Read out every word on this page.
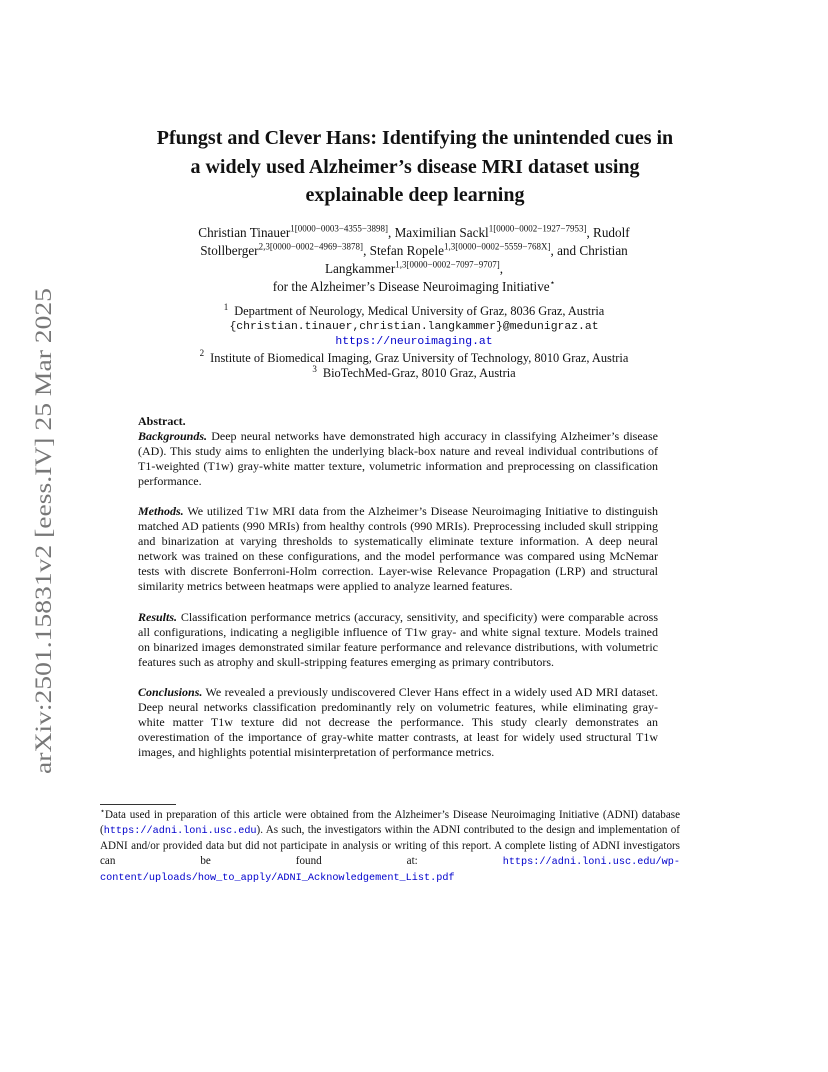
arXiv:2501.15831v2 [eess.IV] 25 Mar 2025
Pfungst and Clever Hans: Identifying the unintended cues in
a widely used Alzheimer’s disease MRI dataset using
explainable deep learning
Christian Tinauer$^{1[0000-0003-4355-3898]}$, Maximilian Sackl$^{1[0000-0002-1927-7953]}$, Rudolf
Stollberger$^{2,3[0000-0002-4969-3878]}$, Stefan Ropele$^{1,3[0000-0002-5559-768X]}$, and Christian
Langkammer$^{1,3[0000-0002-7097-9707]}$,
for the Alzheimer’s Disease Neuroimaging Initiative⋆
$^1$ Department of Neurology, Medical University of Graz, 8036 Graz, Austria
{christian.tinauer,christian.langkammer}@medunigraz.at
https://neuroimaging.at
$^2$ Institute of Biomedical Imaging, Graz University of Technology, 8010 Graz, Austria
$^3$ BioTechMed-Graz, 8010 Graz, Austria

Abstract.

Backgrounds. Deep neural networks have demonstrated high accuracy in classifying Alzheimer’s disease (AD). This study aims to enlighten the underlying black-box nature and reveal individual contributions of T1-weighted (T1w) gray-white matter texture, volumetric information and preprocessing on classification performance.

Methods. We utilized T1w MRI data from the Alzheimer’s Disease Neuroimaging Initiative to distinguish matched AD patients (990 MRIs) from healthy controls (990 MRIs). Preprocessing included skull stripping and binarization at varying thresholds to systematically eliminate texture information. A deep neural network was trained on these configurations, and the model performance was compared using McNemar tests with discrete Bonferroni-Holm correction. Layer-wise Relevance Propagation (LRP) and structural similarity metrics between heatmaps were applied to analyze learned features.

Results. Classification performance metrics (accuracy, sensitivity, and specificity) were comparable across all configurations, indicating a negligible influence of T1w gray- and white signal texture. Models trained on binarized images demonstrated similar feature performance and relevance distributions, with volumetric features such as atrophy and skull-stripping features emerging as primary contributors.

Conclusions. We revealed a previously undiscovered Clever Hans effect in a widely used AD MRI dataset. Deep neural networks classification predominantly rely on volumetric features, while eliminating gray-white matter T1w texture did not decrease the performance. This study clearly demonstrates an overestimation of the importance of gray-white matter contrasts, at least for widely used structural T1w images, and highlights potential misinterpretation of performance metrics.

⋆Data used in preparation of this article were obtained from the Alzheimer’s Disease Neuroimaging Initiative (ADNI) database (https://adni.loni.usc.edu). As such, the investigators within the ADNI contributed to the design and implementation of ADNI and/or provided data but did not participate in analysis or writing of this report. A complete listing of ADNI investigators can be found at: https://adni.loni.usc.edu/wp-content/uploads/how_to_apply/ADNI_Acknowledgement_List.pdf
